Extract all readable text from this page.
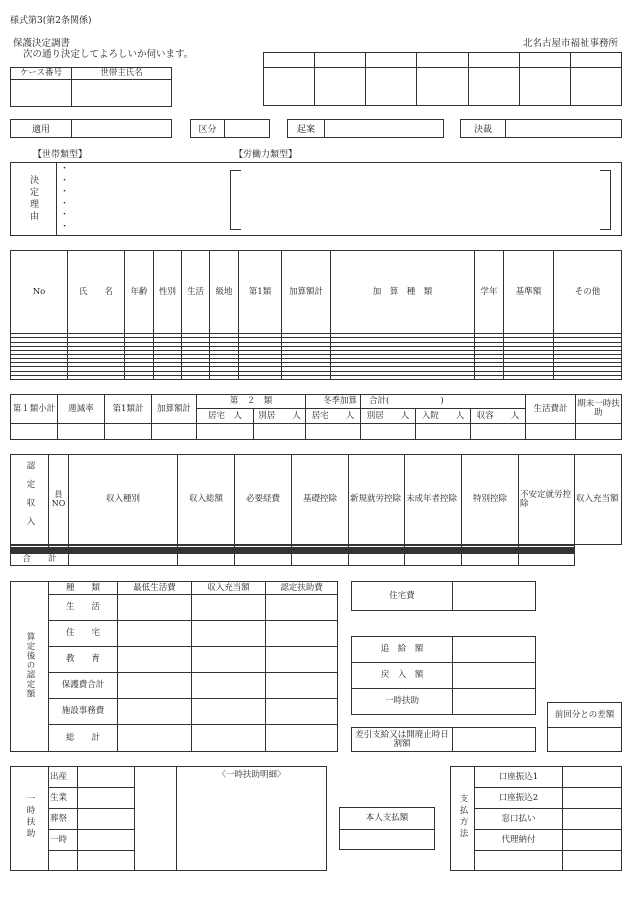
様式第3(第2条関係)
保護決定調書
次の通り決定してよろしいか伺います。
北名古屋市福祉事務所

ケース番号	世帯主氏名

適用	区分	起案	決裁
【世帯類型】	【労働力類型】
決定理由
・
・
・
・
・
・
No	氏　　名	年齢	性別	生活	級地	第1類	加算額計	加　算　種　類	学年	基準額	その他

第１類小計	逓減率	第1類計	加算額計	第　２　類		冬季加算	合計(　　　　　　)			生活費計	期末一時扶助
				居宅　人	別居　　人	居宅　　人	別居　　人	入院　　人	収容　　人		

認定収入	員NO	収入種別	収入総額	必要経費	基礎控除	新規就労控除	未成年者控除	特別控除	不安定就労控除	収入充当額

合　　計										
算定後の認定額	種　　類	最低生活費	収入充当額	認定扶助費
	生　　活			
	住　　宅			
	教　　育			
	保護費合計			
	施設事務費			
	総　　計			
住宅費	
追　給　額	
戻　入　額	
一時扶助	
差引支給又は開廃止時日割額	
前回分との差額

一時扶助	出産			〈一時扶助明細〉
	生業			
	葬祭			
	一時			

本人支払額	支払方法	口座振込1	
	口座振込2	
	窓口払い	
	代理納付	
